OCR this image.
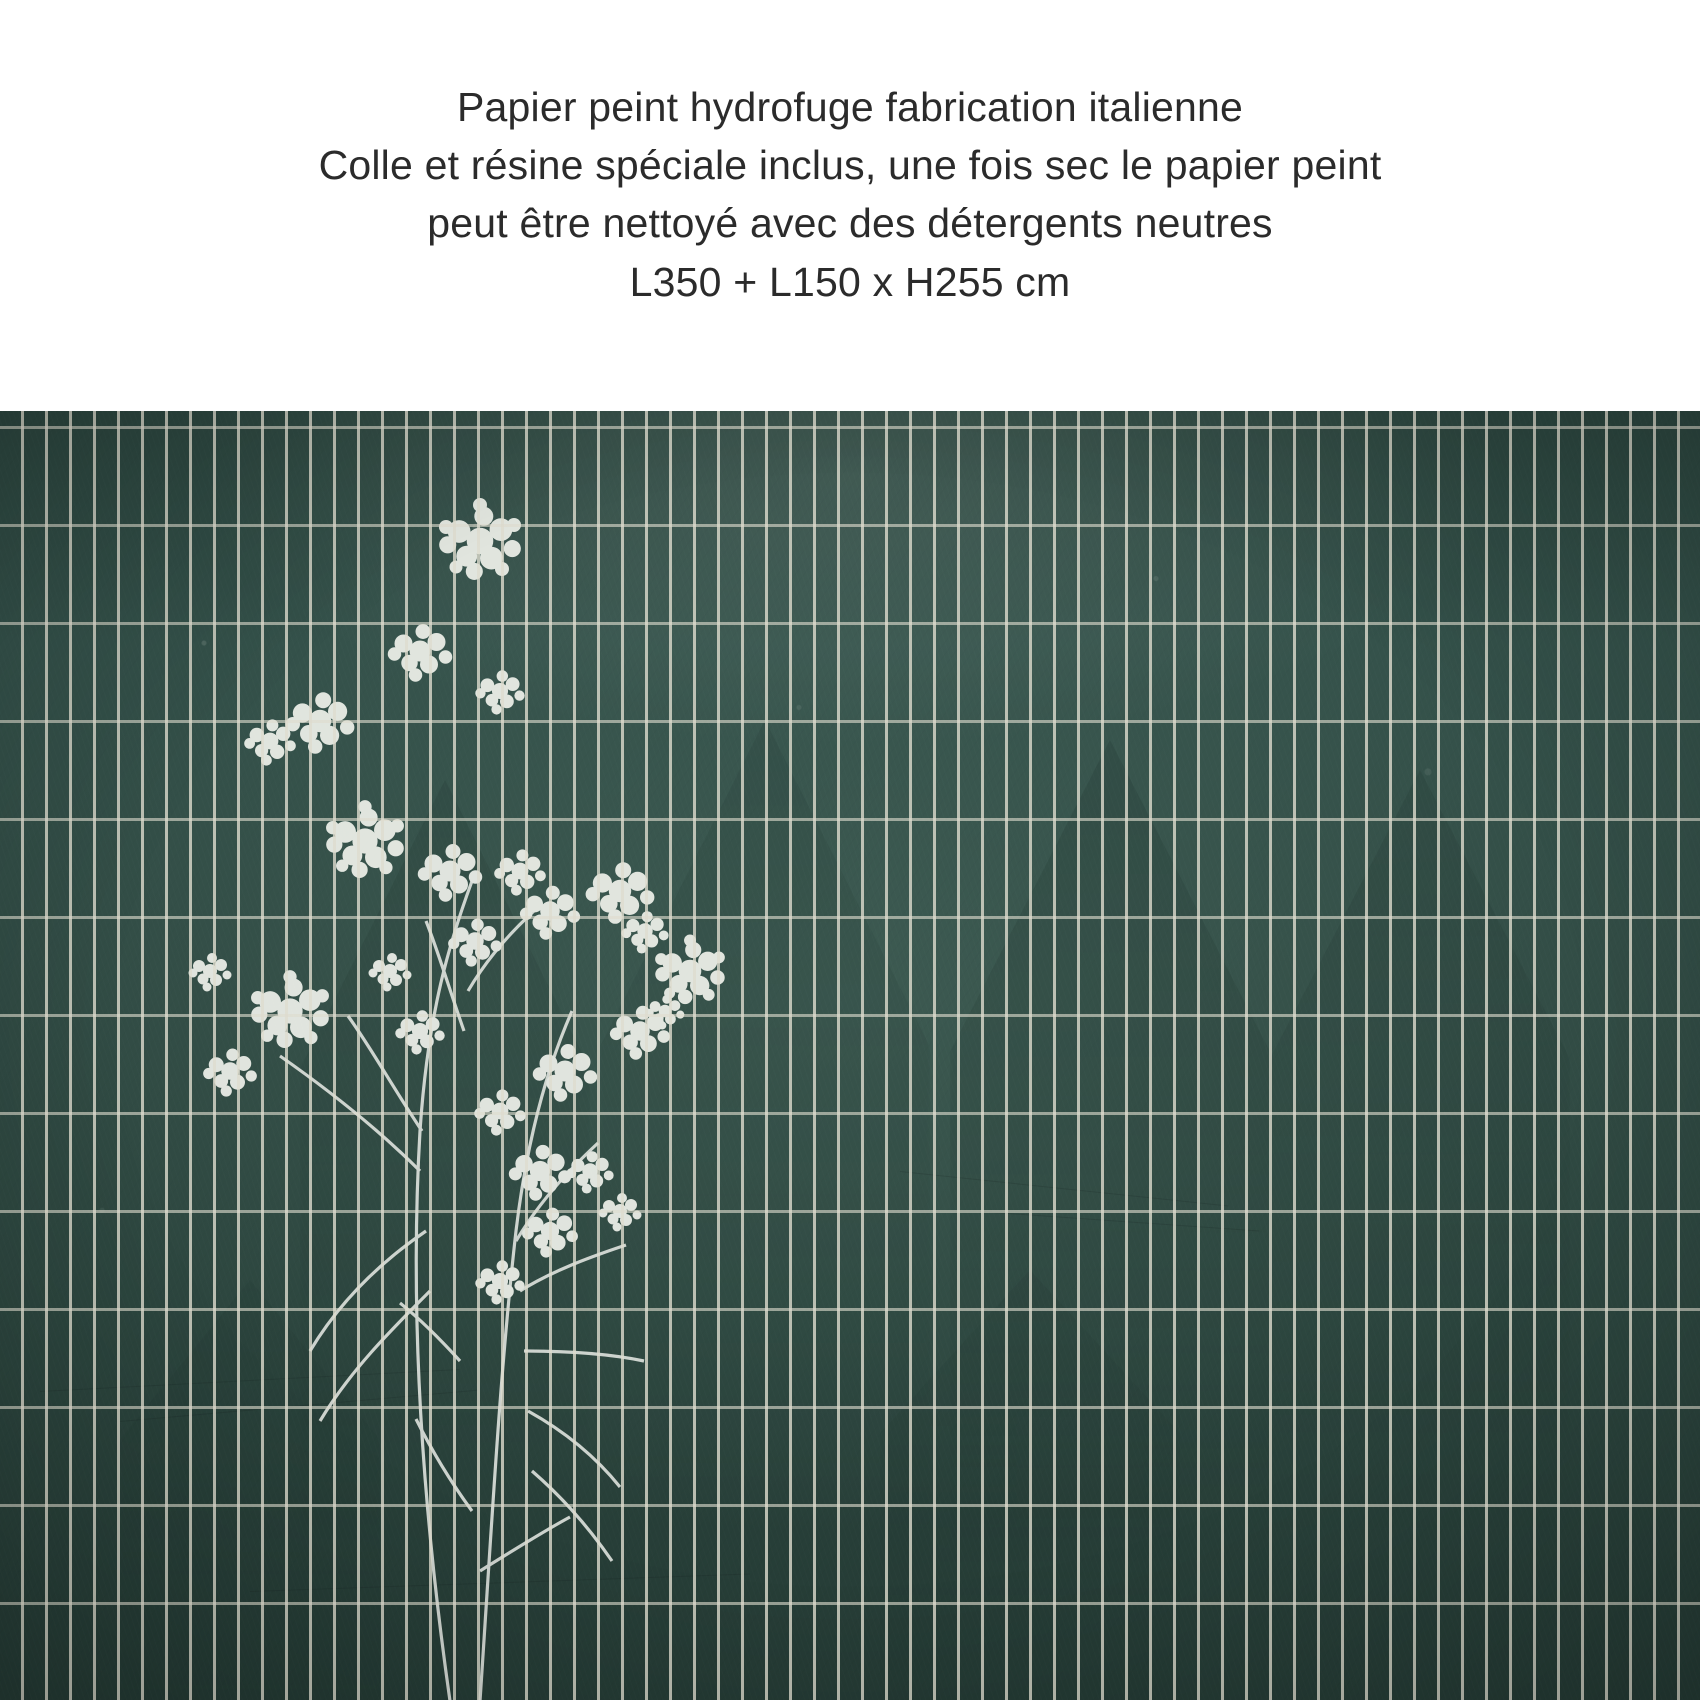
Papier peint hydrofuge fabrication italienne
Colle et résine spéciale inclus, une fois sec le papier peint
peut être nettoyé avec des détergents neutres
L350 + L150 x H255 cm
